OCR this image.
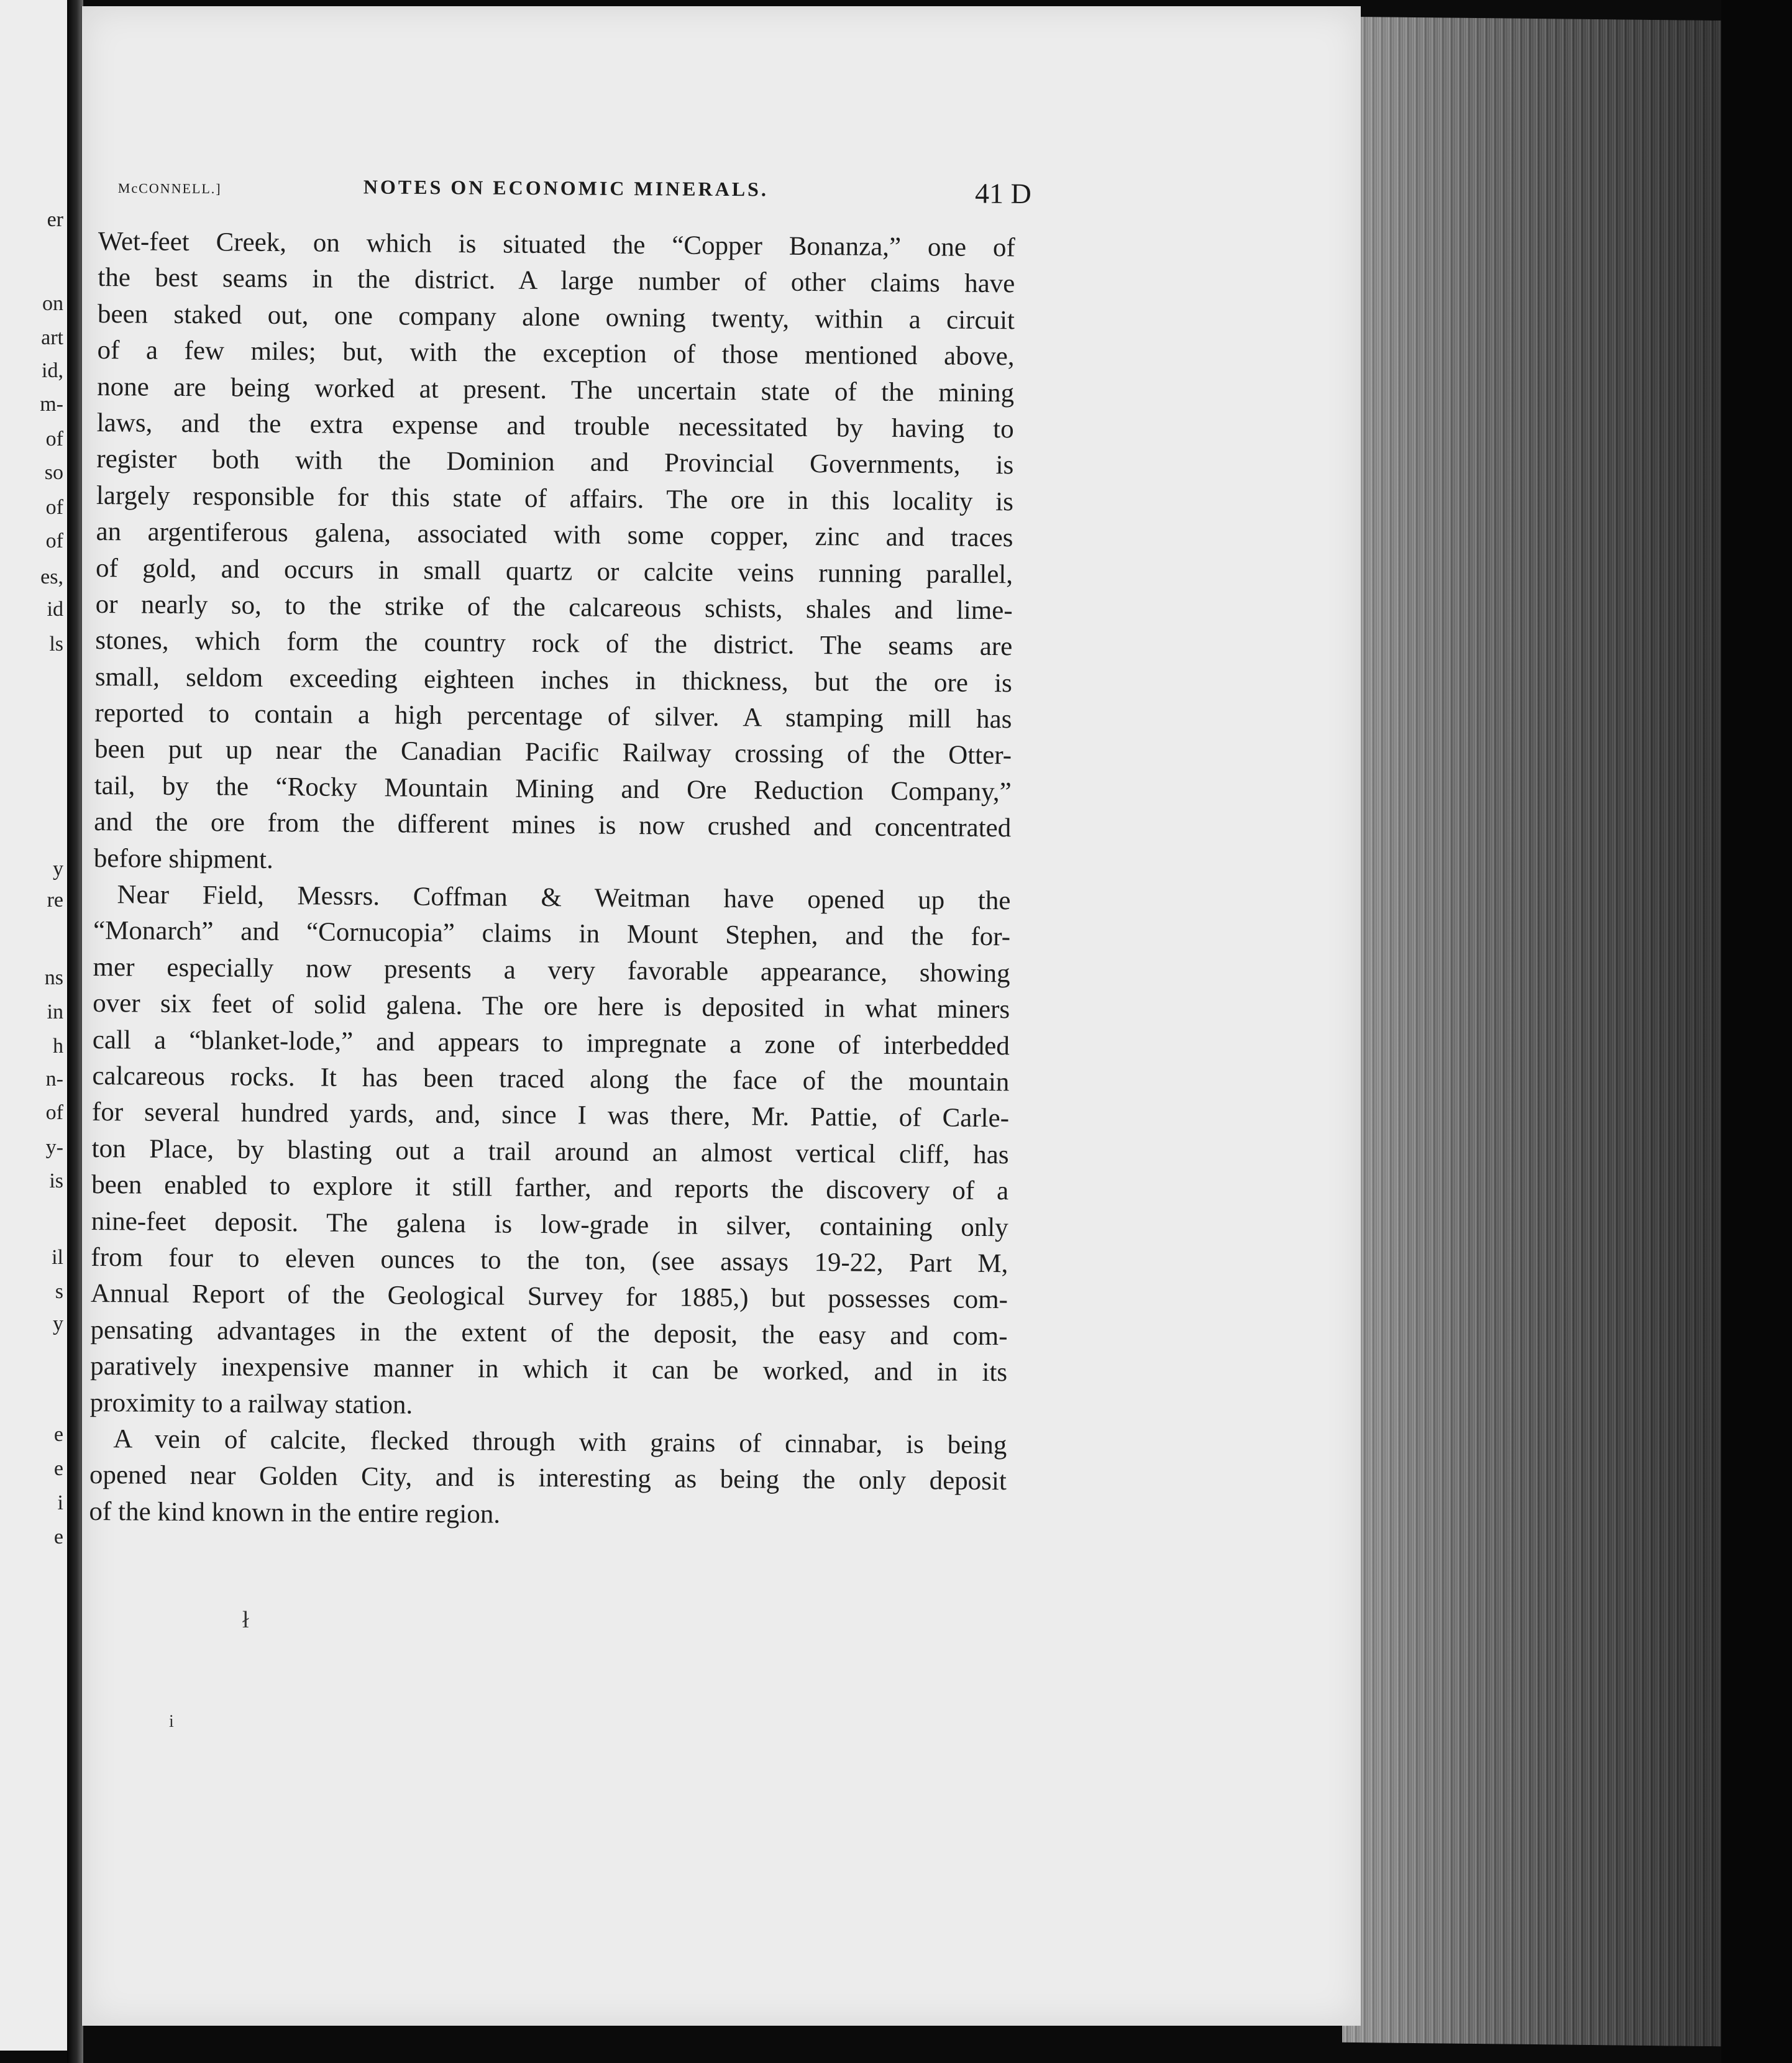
er
on
art
id,
m-
of
so
of
of
es,
id
ls
y
re
ns
in
h
n-
of
y-
is
il
s
y
e
e
i
e
McCONNELL.]	NOTES ON ECONOMIC MINERALS.	41 D
Wet-feet Creek, on which is situated the “Copper Bonanza,” one of
the best seams in the district. A large number of other claims have
been staked out, one company alone owning twenty, within a circuit
of a few miles; but, with the exception of those mentioned above,
none are being worked at present. The uncertain state of the mining
laws, and the extra expense and trouble necessitated by having to
register both with the Dominion and Provincial Governments, is
largely responsible for this state of affairs. The ore in this locality is
an argentiferous galena, associated with some copper, zinc and traces
of gold, and occurs in small quartz or calcite veins running parallel,
or nearly so, to the strike of the calcareous schists, shales and lime-
stones, which form the country rock of the district. The seams are
small, seldom exceeding eighteen inches in thickness, but the ore is
reported to contain a high percentage of silver. A stamping mill has
been put up near the Canadian Pacific Railway crossing of the Otter-
tail, by the “Rocky Mountain Mining and Ore Reduction Company,”
and the ore from the different mines is now crushed and concentrated
before shipment.
Near Field, Messrs. Coffman & Weitman have opened up the
“Monarch” and “Cornucopia” claims in Mount Stephen, and the for-
mer especially now presents a very favorable appearance, showing
over six feet of solid galena. The ore here is deposited in what miners
call a “blanket-lode,” and appears to impregnate a zone of interbedded
calcareous rocks. It has been traced along the face of the mountain
for several hundred yards, and, since I was there, Mr. Pattie, of Carle-
ton Place, by blasting out a trail around an almost vertical cliff, has
been enabled to explore it still farther, and reports the discovery of a
nine-feet deposit. The galena is low-grade in silver, containing only
from four to eleven ounces to the ton, (see assays 19-22, Part M,
Annual Report of the Geological Survey for 1885,) but possesses com-
pensating advantages in the extent of the deposit, the easy and com-
paratively inexpensive manner in which it can be worked, and in its
proximity to a railway station.
A vein of calcite, flecked through with grains of cinnabar, is being
opened near Golden City, and is interesting as being the only deposit
of the kind known in the entire region.
ł
i
